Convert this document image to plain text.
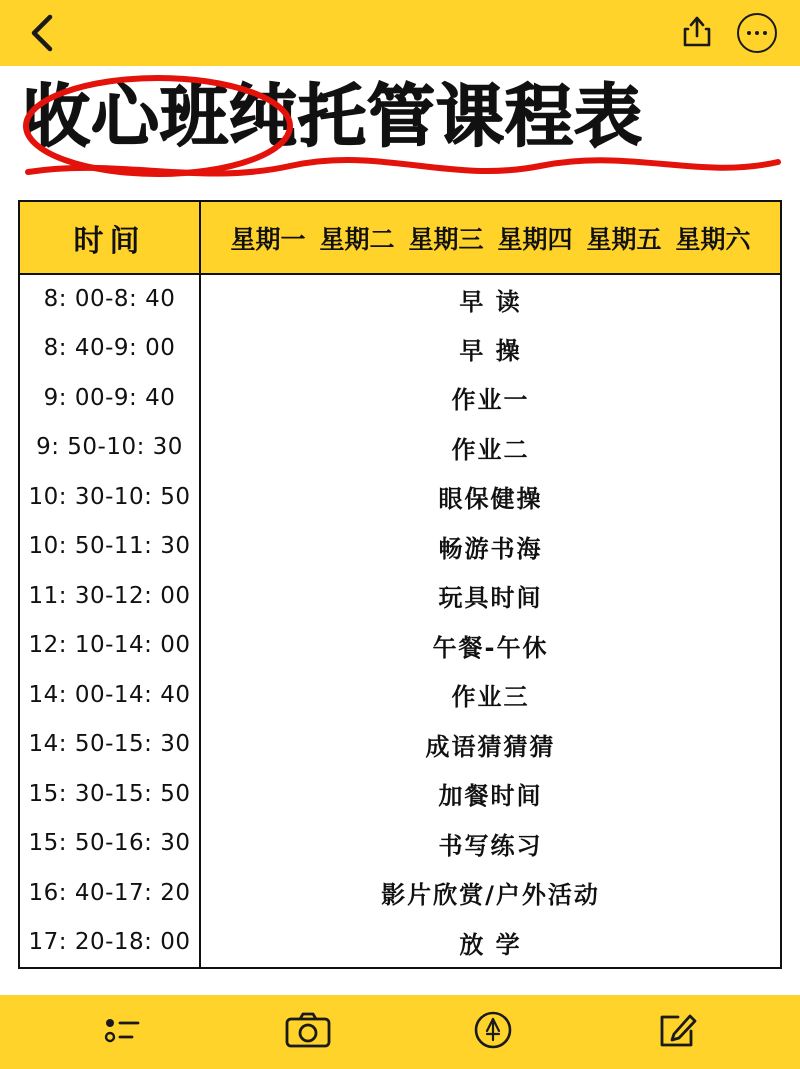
收心班纯托管课程表
时间	星期一 星期二 星期三 星期四 星期五 星期六
8: 00-8: 40	早 读
8: 40-9: 00	早 操
9: 00-9: 40	作业一
9: 50-10: 30	作业二
10: 30-10: 50	眼保健操
10: 50-11: 30	畅游书海
11: 30-12: 00	玩具时间
12: 10-14: 00	午餐-午休
14: 00-14: 40	作业三
14: 50-15: 30	成语猜猜猜
15: 30-15: 50	加餐时间
15: 50-16: 30	书写练习
16: 40-17: 20	影片欣赏/户外活动
17: 20-18: 00	放 学
